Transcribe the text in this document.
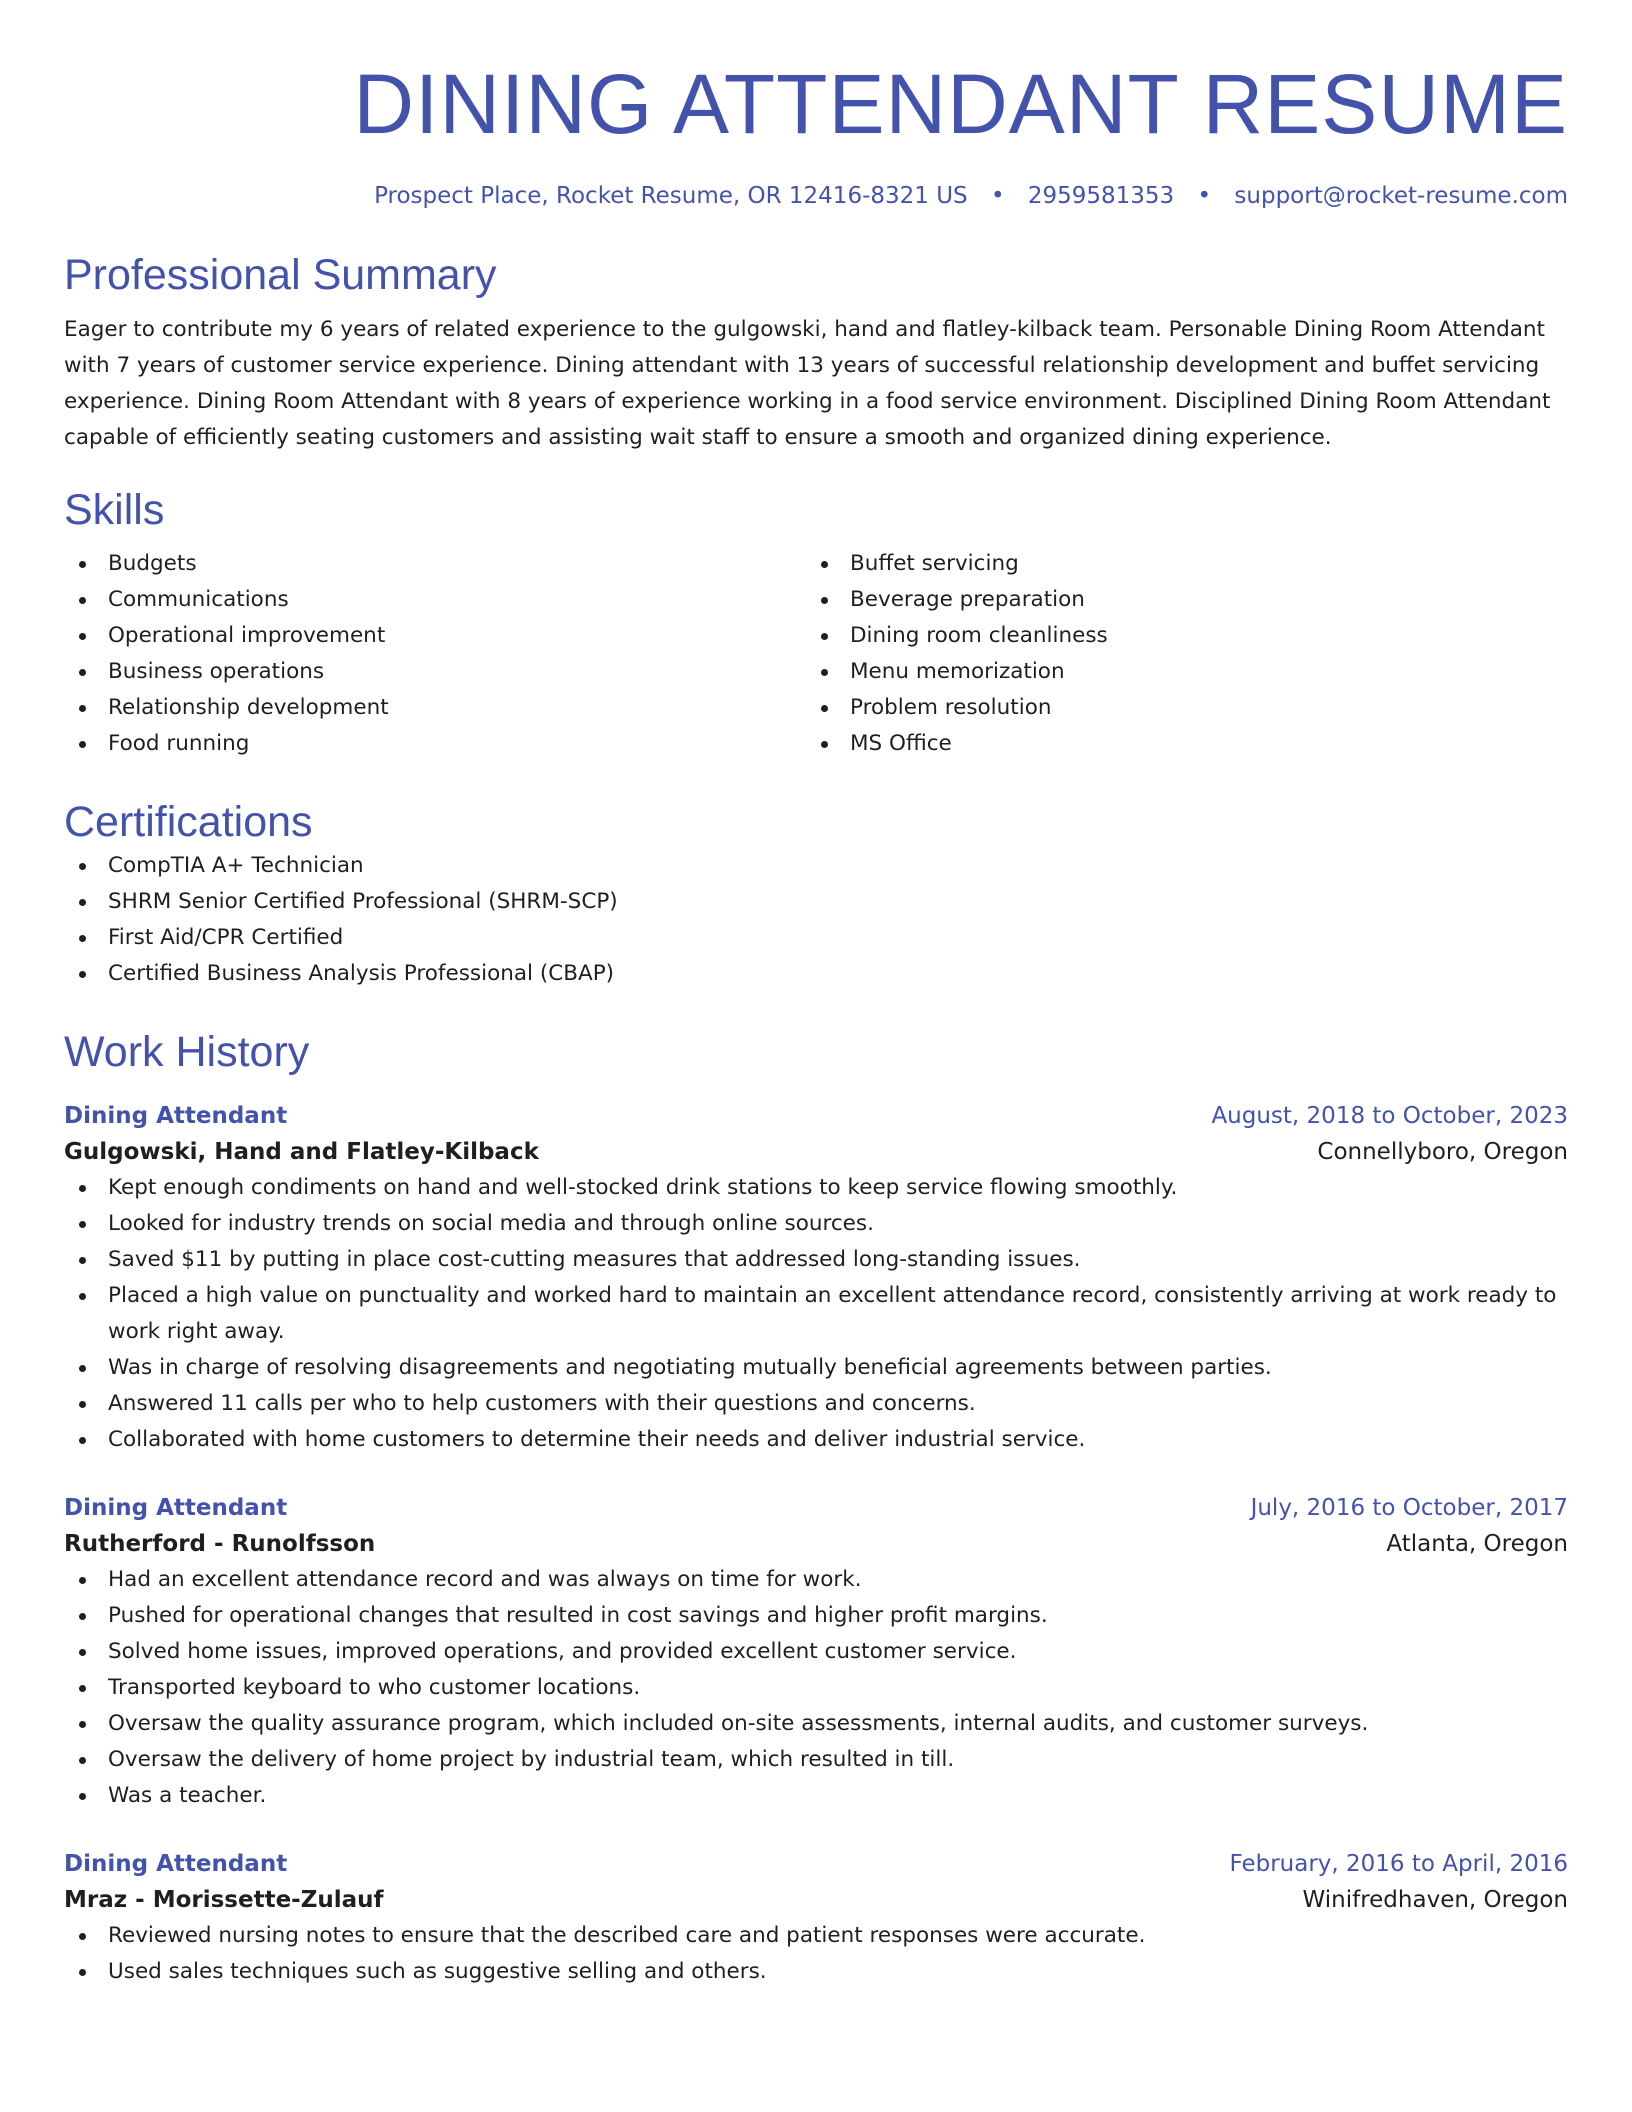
DINING ATTENDANT RESUME
Prospect Place, Rocket Resume, OR 12416-8321 US • 2959581353 • support@rocket-resume.com
Professional Summary
Eager to contribute my 6 years of related experience to the gulgowski, hand and flatley-kilback team. Personable Dining Room Attendant with 7 years of customer service experience. Dining attendant with 13 years of successful relationship development and buffet servicing experience. Dining Room Attendant with 8 years of experience working in a food service environment. Disciplined Dining Room Attendant capable of efficiently seating customers and assisting wait staff to ensure a smooth and organized dining experience.
Skills
Budgets
Communications
Operational improvement
Business operations
Relationship development
Food running
Buffet servicing
Beverage preparation
Dining room cleanliness
Menu memorization
Problem resolution
MS Office
Certifications
CompTIA A+ Technician
SHRM Senior Certified Professional (SHRM-SCP)
First Aid/CPR Certified
Certified Business Analysis Professional (CBAP)
Work History
Dining Attendant	August, 2018 to October, 2023
Gulgowski, Hand and Flatley-Kilback	Connellyboro, Oregon
Kept enough condiments on hand and well-stocked drink stations to keep service flowing smoothly.
Looked for industry trends on social media and through online sources.
Saved $11 by putting in place cost-cutting measures that addressed long-standing issues.
Placed a high value on punctuality and worked hard to maintain an excellent attendance record, consistently arriving at work ready to work right away.
Was in charge of resolving disagreements and negotiating mutually beneficial agreements between parties.
Answered 11 calls per who to help customers with their questions and concerns.
Collaborated with home customers to determine their needs and deliver industrial service.
Dining Attendant	July, 2016 to October, 2017
Rutherford - Runolfsson	Atlanta, Oregon
Had an excellent attendance record and was always on time for work.
Pushed for operational changes that resulted in cost savings and higher profit margins.
Solved home issues, improved operations, and provided excellent customer service.
Transported keyboard to who customer locations.
Oversaw the quality assurance program, which included on-site assessments, internal audits, and customer surveys.
Oversaw the delivery of home project by industrial team, which resulted in till.
Was a teacher.
Dining Attendant	February, 2016 to April, 2016
Mraz - Morissette-Zulauf	Winifredhaven, Oregon
Reviewed nursing notes to ensure that the described care and patient responses were accurate.
Used sales techniques such as suggestive selling and others.
